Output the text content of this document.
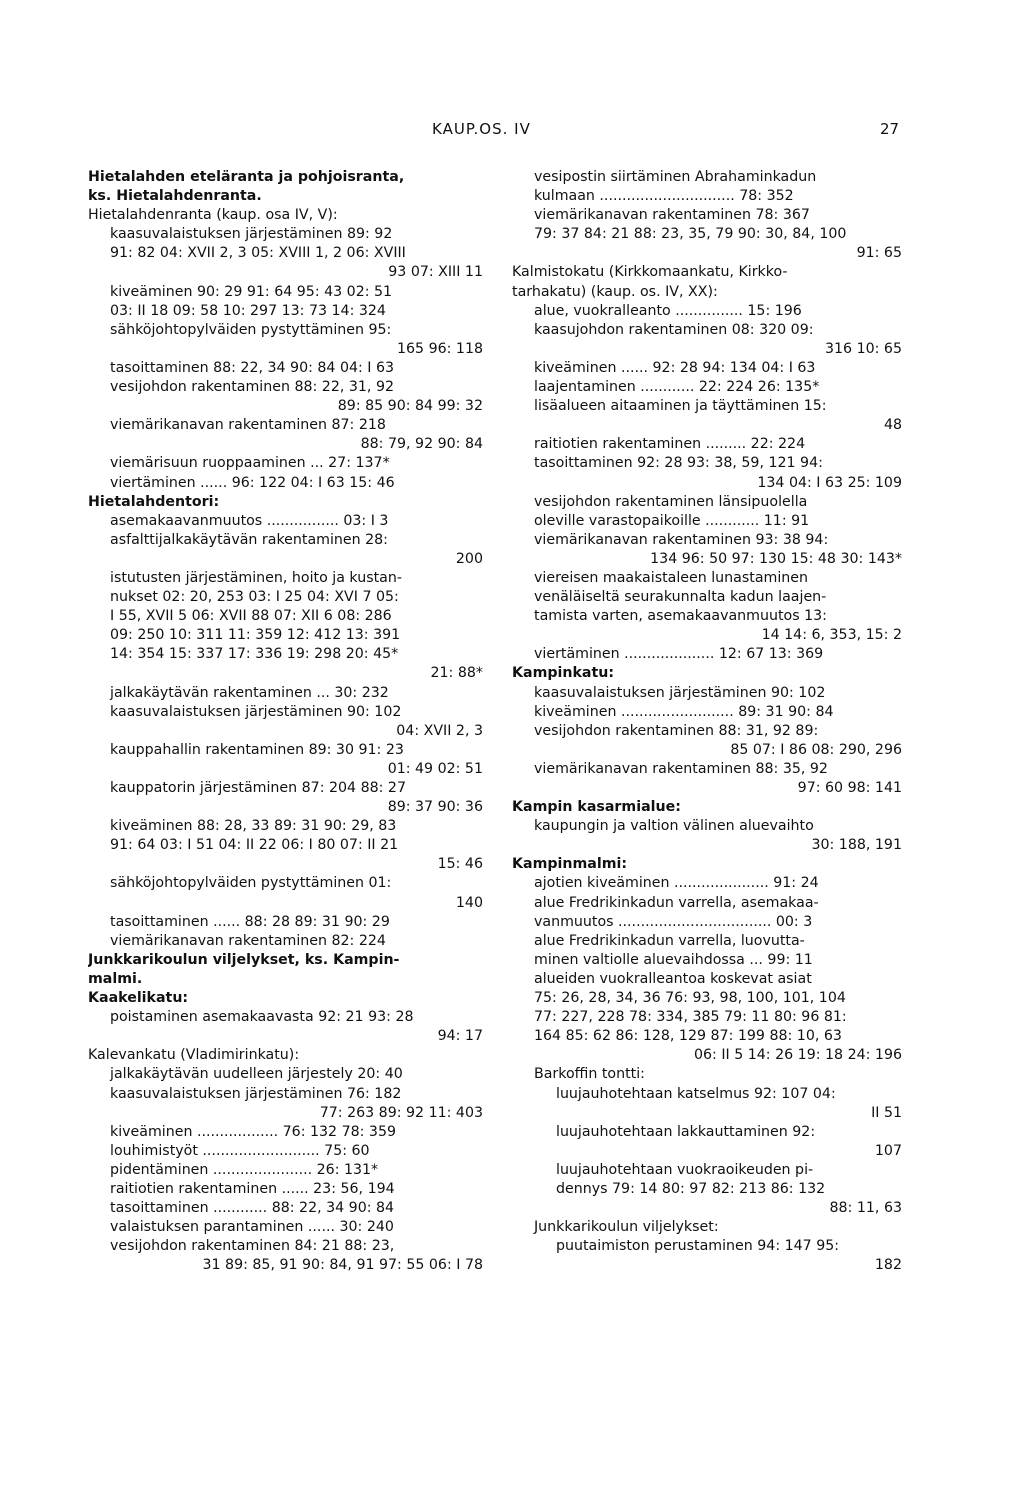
KAUP.OS. IV	27
Hietalahden eteläranta ja pohjoisranta,
ks. Hietalahdenranta.
Hietalahdenranta (kaup. osa IV, V):
kaasuvalaistuksen järjestäminen 89: 92
91: 82 04: XVII 2, 3 05: XVIII 1, 2 06: XVIII
93 07: XIII 11
kiveäminen 90: 29 91: 64 95: 43 02: 51
03: II 18 09: 58 10: 297 13: 73 14: 324
sähköjohtopylväiden pystyttäminen 95:
165 96: 118
tasoittaminen 88: 22, 34 90: 84 04: I 63
vesijohdon rakentaminen 88: 22, 31, 92
89: 85 90: 84 99: 32
viemärikanavan rakentaminen 87: 218
88: 79, 92 90: 84
viemärisuun ruoppaaminen ... 27: 137*
viertäminen ...... 96: 122 04: I 63 15: 46
Hietalahdentori:
asemakaavanmuutos ................ 03: I 3
asfalttijalkakäytävän rakentaminen 28:
200
istutusten järjestäminen, hoito ja kustan-
nukset 02: 20, 253 03: I 25 04: XVI 7 05:
I 55, XVII 5 06: XVII 88 07: XII 6 08: 286
09: 250 10: 311 11: 359 12: 412 13: 391
14: 354 15: 337 17: 336 19: 298 20: 45*
21: 88*
jalkakäytävän rakentaminen ... 30: 232
kaasuvalaistuksen järjestäminen 90: 102
04: XVII 2, 3
kauppahallin rakentaminen 89: 30 91: 23
01: 49 02: 51
kauppatorin järjestäminen 87: 204 88: 27
89: 37 90: 36
kiveäminen 88: 28, 33 89: 31 90: 29, 83
91: 64 03: I 51 04: II 22 06: I 80 07: II 21
15: 46
sähköjohtopylväiden pystyttäminen 01:
140
tasoittaminen ...... 88: 28 89: 31 90: 29
viemärikanavan rakentaminen 82: 224
Junkkarikoulun viljelykset, ks. Kampin-
malmi.
Kaakelikatu:
poistaminen asemakaavasta 92: 21 93: 28
94: 17
Kalevankatu (Vladimirinkatu):
jalkakäytävän uudelleen järjestely 20: 40
kaasuvalaistuksen järjestäminen 76: 182
77: 263 89: 92 11: 403
kiveäminen .................. 76: 132 78: 359
louhimistyöt .......................... 75: 60
pidentäminen ...................... 26: 131*
raitiotien rakentaminen ...... 23: 56, 194
tasoittaminen ............ 88: 22, 34 90: 84
valaistuksen parantaminen ...... 30: 240
vesijohdon rakentaminen 84: 21 88: 23,
31 89: 85, 91 90: 84, 91 97: 55 06: I 78
vesipostin siirtäminen Abrahaminkadun
kulmaan .............................. 78: 352
viemärikanavan rakentaminen 78: 367
79: 37 84: 21 88: 23, 35, 79 90: 30, 84, 100
91: 65
Kalmistokatu (Kirkkomaankatu, Kirkko-
tarhakatu) (kaup. os. IV, XX):
alue, vuokralleanto ............... 15: 196
kaasujohdon rakentaminen 08: 320 09:
316 10: 65
kiveäminen ...... 92: 28 94: 134 04: I 63
laajentaminen ............ 22: 224 26: 135*
lisäalueen aitaaminen ja täyttäminen 15:
48
raitiotien rakentaminen ......... 22: 224
tasoittaminen 92: 28 93: 38, 59, 121 94:
134 04: I 63 25: 109
vesijohdon rakentaminen länsipuolella
oleville varastopaikoille ............ 11: 91
viemärikanavan rakentaminen 93: 38 94:
134 96: 50 97: 130 15: 48 30: 143*
viereisen maakaistaleen lunastaminen
venäläiseltä seurakunnalta kadun laajen-
tamista varten, asemakaavanmuutos 13:
14 14: 6, 353, 15: 2
viertäminen .................... 12: 67 13: 369
Kampinkatu:
kaasuvalaistuksen järjestäminen 90: 102
kiveäminen ......................... 89: 31 90: 84
vesijohdon rakentaminen 88: 31, 92 89:
85 07: I 86 08: 290, 296
viemärikanavan rakentaminen 88: 35, 92
97: 60 98: 141
Kampin kasarmialue:
kaupungin ja valtion välinen aluevaihto
30: 188, 191
Kampinmalmi:
ajotien kiveäminen ..................... 91: 24
alue Fredrikinkadun varrella, asemakaa-
vanmuutos .................................. 00: 3
alue Fredrikinkadun varrella, luovutta-
minen valtiolle aluevaihdossa ... 99: 11
alueiden vuokralleantoa koskevat asiat
75: 26, 28, 34, 36 76: 93, 98, 100, 101, 104
77: 227, 228 78: 334, 385 79: 11 80: 96 81:
164 85: 62 86: 128, 129 87: 199 88: 10, 63
06: II 5 14: 26 19: 18 24: 196
Barkoffin tontti:
luujauhotehtaan katselmus 92: 107 04:
II 51
luujauhotehtaan lakkauttaminen 92:
107
luujauhotehtaan vuokraoikeuden pi-
dennys 79: 14 80: 97 82: 213 86: 132
88: 11, 63
Junkkarikoulun viljelykset:
puutaimiston perustaminen 94: 147 95:
182
